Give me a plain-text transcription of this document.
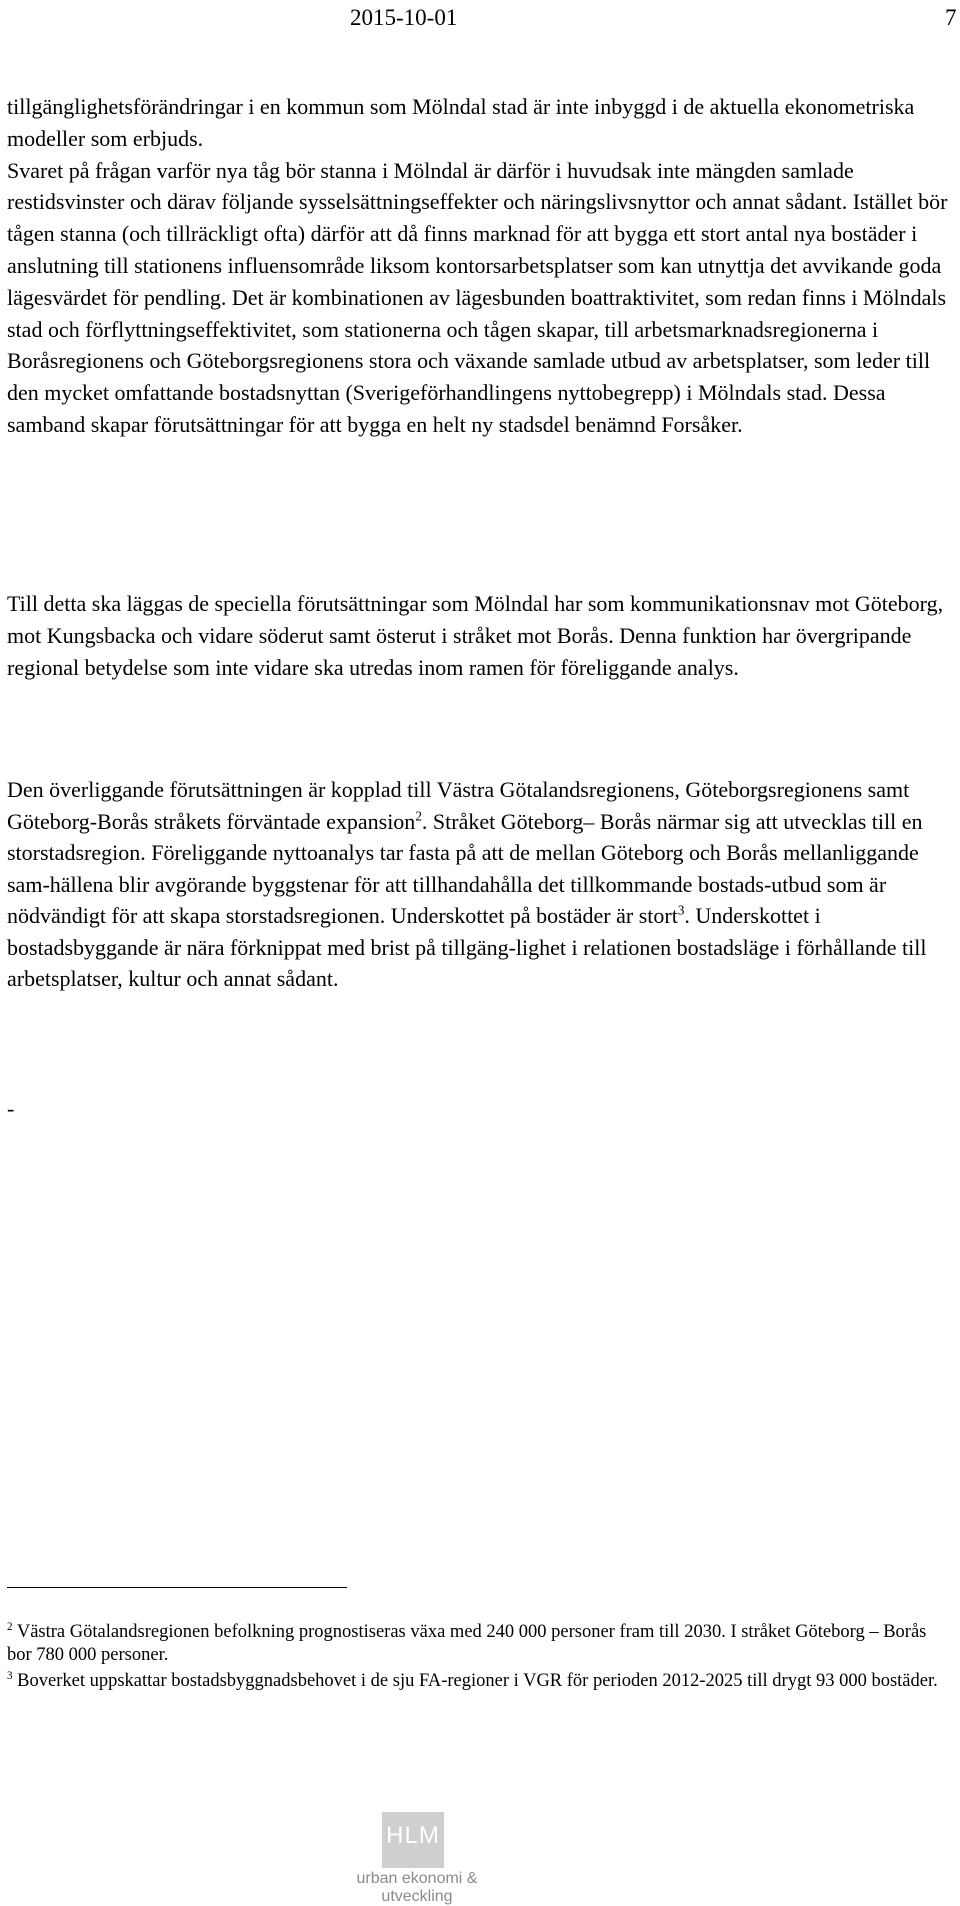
2015-10-01	7

tillgänglighetsförändringar i en kommun som Mölndal stad är inte inbyggd i de aktuella ekonometriska modeller som erbjuds.
Svaret på frågan varför nya tåg bör stanna i Mölndal är därför i huvudsak inte mängden samlade restidsvinster och därav följande sysselsättningseffekter och näringslivsnyttor och annat sådant. Istället bör tågen stanna (och tillräckligt ofta) därför att då finns marknad för att bygga ett stort antal nya bostäder i anslutning till stationens influensområde liksom kontorsarbetsplatser som kan utnyttja det avvikande goda lägesvärdet för pendling. Det är kombinationen av lägesbunden boattraktivitet, som redan finns i Mölndals stad och förflyttningseffektivitet, som stationerna och tågen skapar, till arbetsmarknadsregionerna i Boråsregionens och Göteborgsregionens stora och växande samlade utbud av arbetsplatser, som leder till den mycket omfattande bostadsnyttan (Sverigeförhandlingens nyttobegrepp) i Mölndals stad. Dessa samband skapar förutsättningar för att bygga en helt ny stadsdel benämnd Forsåker.

Till detta ska läggas de speciella förutsättningar som Mölndal har som kommunikationsnav mot Göteborg, mot Kungsbacka och vidare söderut samt österut i stråket mot Borås. Denna funktion har övergripande regional betydelse som inte vidare ska utredas inom ramen för föreliggande analys.

Den överliggande förutsättningen är kopplad till Västra Götalandsregionens, Göteborgsregionens samt Göteborg-Borås stråkets förväntade expansion$^2$. Stråket Göteborg– Borås närmar sig att utvecklas till en storstadsregion. Föreliggande nyttoanalys tar fasta på att de mellan Göteborg och Borås mellanliggande sam-hällena blir avgörande byggstenar för att tillhandahålla det tillkommande bostads-utbud som är nödvändigt för att skapa storstadsregionen. Underskottet på bostäder är stort$^3$. Underskottet i bostadsbyggande är nära förknippat med brist på tillgäng-lighet i relationen bostadsläge i förhållande till arbetsplatser, kultur och annat sådant.

-

$^2$ Västra Götalandsregionen befolkning prognostiseras växa med 240 000 personer fram till 2030. I stråket Göteborg – Borås bor 780 000 personer.

$^3$ Boverket uppskattar bostadsbyggnadsbehovet i de sju FA-regioner i VGR för perioden 2012-2025 till drygt 93 000 bostäder.

HLM
urban ekonomi & utveckling
